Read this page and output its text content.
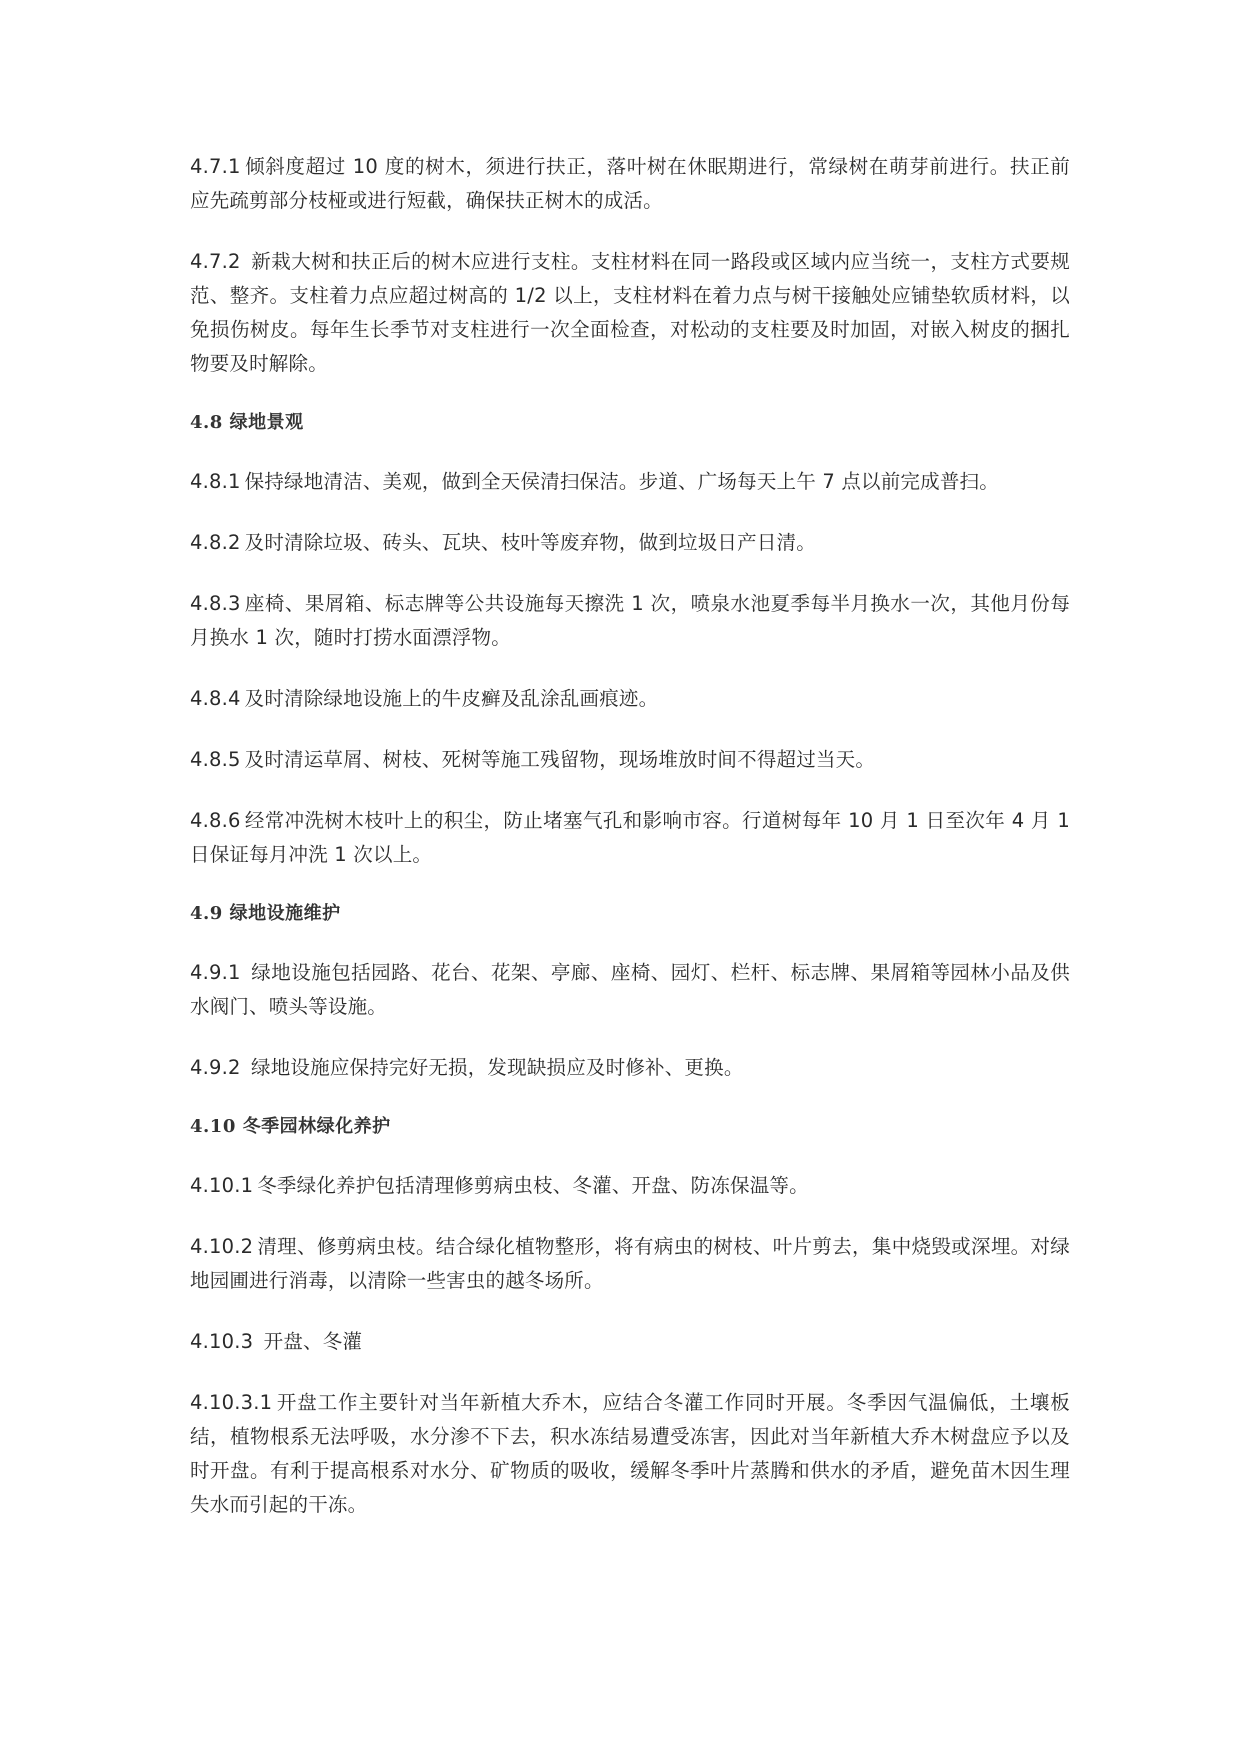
4.7.1 倾斜度超过 10 度的树木，须进行扶正，落叶树在休眠期进行，常绿树在萌芽前进行。扶正前应先疏剪部分枝桠或进行短截，确保扶正树木的成活。

4.7.2 新栽大树和扶正后的树木应进行支柱。支柱材料在同一路段或区域内应当统一，支柱方式要规范、整齐。支柱着力点应超过树高的 1/2 以上，支柱材料在着力点与树干接触处应铺垫软质材料，以免损伤树皮。每年生长季节对支柱进行一次全面检查，对松动的支柱要及时加固，对嵌入树皮的捆扎物要及时解除。

4.8 绿地景观

4.8.1 保持绿地清洁、美观，做到全天侯清扫保洁。步道、广场每天上午 7 点以前完成普扫。

4.8.2 及时清除垃圾、砖头、瓦块、枝叶等废弃物，做到垃圾日产日清。

4.8.3 座椅、果屑箱、标志牌等公共设施每天擦洗 1 次，喷泉水池夏季每半月换水一次，其他月份每月换水 1 次，随时打捞水面漂浮物。

4.8.4 及时清除绿地设施上的牛皮癣及乱涂乱画痕迹。

4.8.5 及时清运草屑、树枝、死树等施工残留物，现场堆放时间不得超过当天。

4.8.6 经常冲洗树木枝叶上的积尘，防止堵塞气孔和影响市容。行道树每年 10 月 1 日至次年 4 月 1 日保证每月冲洗 1 次以上。

4.9 绿地设施维护

4.9.1 绿地设施包括园路、花台、花架、亭廊、座椅、园灯、栏杆、标志牌、果屑箱等园林小品及供水阀门、喷头等设施。

4.9.2 绿地设施应保持完好无损，发现缺损应及时修补、更换。

4.10 冬季园林绿化养护

4.10.1 冬季绿化养护包括清理修剪病虫枝、冬灌、开盘、防冻保温等。

4.10.2 清理、修剪病虫枝。结合绿化植物整形，将有病虫的树枝、叶片剪去，集中烧毁或深埋。对绿地园圃进行消毒，以清除一些害虫的越冬场所。

4.10.3 开盘、冬灌

4.10.3.1 开盘工作主要针对当年新植大乔木，应结合冬灌工作同时开展。冬季因气温偏低，土壤板结，植物根系无法呼吸，水分渗不下去，积水冻结易遭受冻害，因此对当年新植大乔木树盘应予以及时开盘。有利于提高根系对水分、矿物质的吸收，缓解冬季叶片蒸腾和供水的矛盾，避免苗木因生理失水而引起的干冻。
